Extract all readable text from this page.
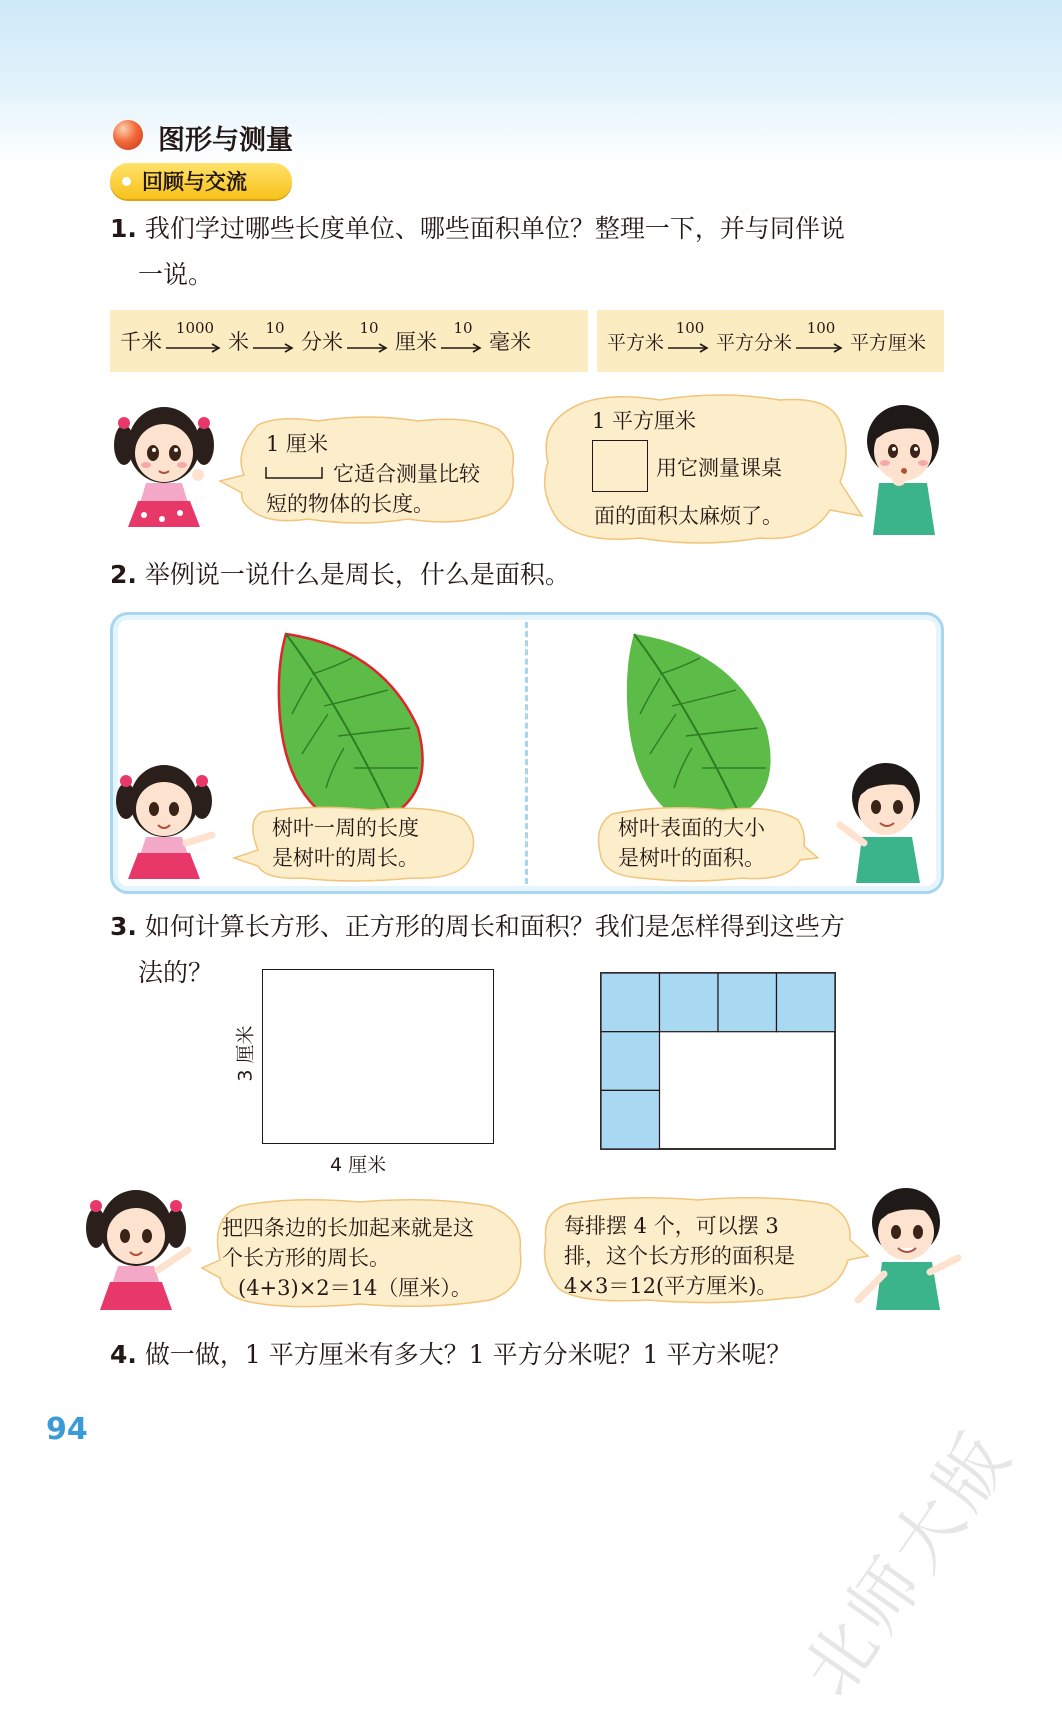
图形与测量
回顾与交流
1. 我们学过哪些长度单位、哪些面积单位？整理一下，并与同伴说
一说。
千米
1000
米
10
分米
10
厘米
10
毫米	平方米
100
平方分米
100
平方厘米
1 厘米
它适合测量比较
短的物体的长度。
1 平方厘米
用它测量课桌
面的面积太麻烦了。
2. 举例说一说什么是周长，什么是面积。
树叶一周的长度
是树叶的周长。
树叶表面的大小
是树叶的面积。
3. 如何计算长方形、正方形的周长和面积？我们是怎样得到这些方
法的？
3 厘米
4 厘米
把四条边的长加起来就是这
个长方形的周长。
(4+3)×2＝14（厘米）。
每排摆 4 个，可以摆 3
排，这个长方形的面积是
4×3＝12(平方厘米)。
4. 做一做，1 平方厘米有多大？1 平方分米呢？1 平方米呢？
94	北师大版
